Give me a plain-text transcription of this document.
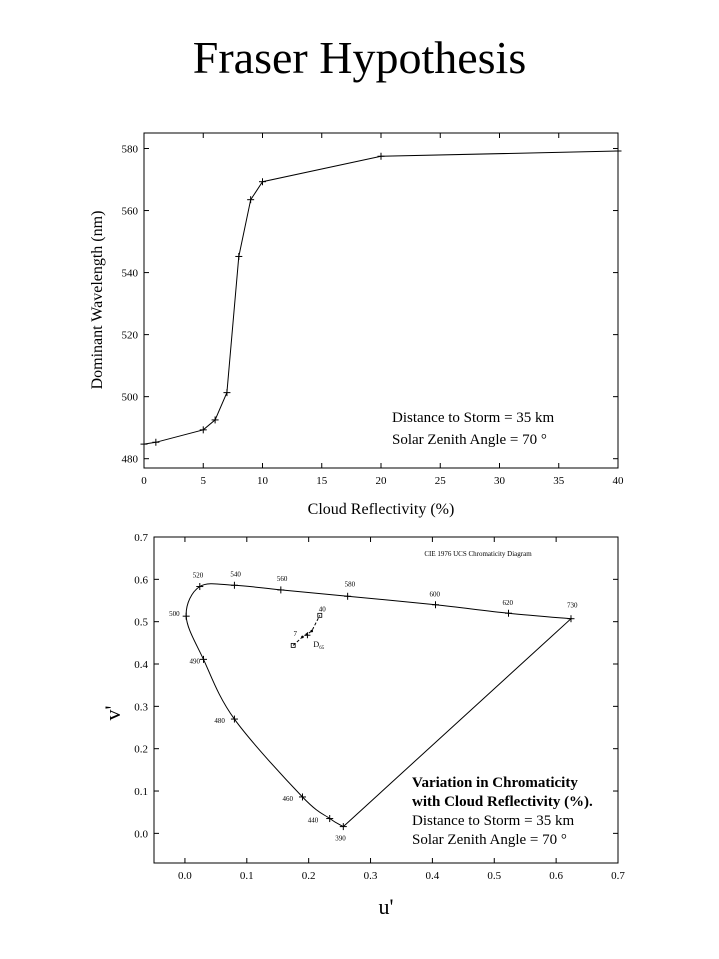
Fraser Hypothesis
0	5	10	15	20	25	30	35	40
480
500
520
540
560
580
Cloud Reflectivity (%)
Dominant Wavelength (nm)
Distance to Storm = 35 km
Solar Zenith Angle = 70 °
0.0	0.1	0.2	0.3	0.4	0.5	0.6	0.7
0.0
0.1
0.2
0.3
0.4
0.5
0.6
0.7
390
440
460
480
490
500
520	540
560
580
600
620	730
7
40
$D_{65}$
CIE 1976 UCS Chromaticity Diagram
u'
v'
Variation in Chromaticity
with Cloud Reflectivity (%).
Distance to Storm = 35 km
Solar Zenith Angle = 70 °
